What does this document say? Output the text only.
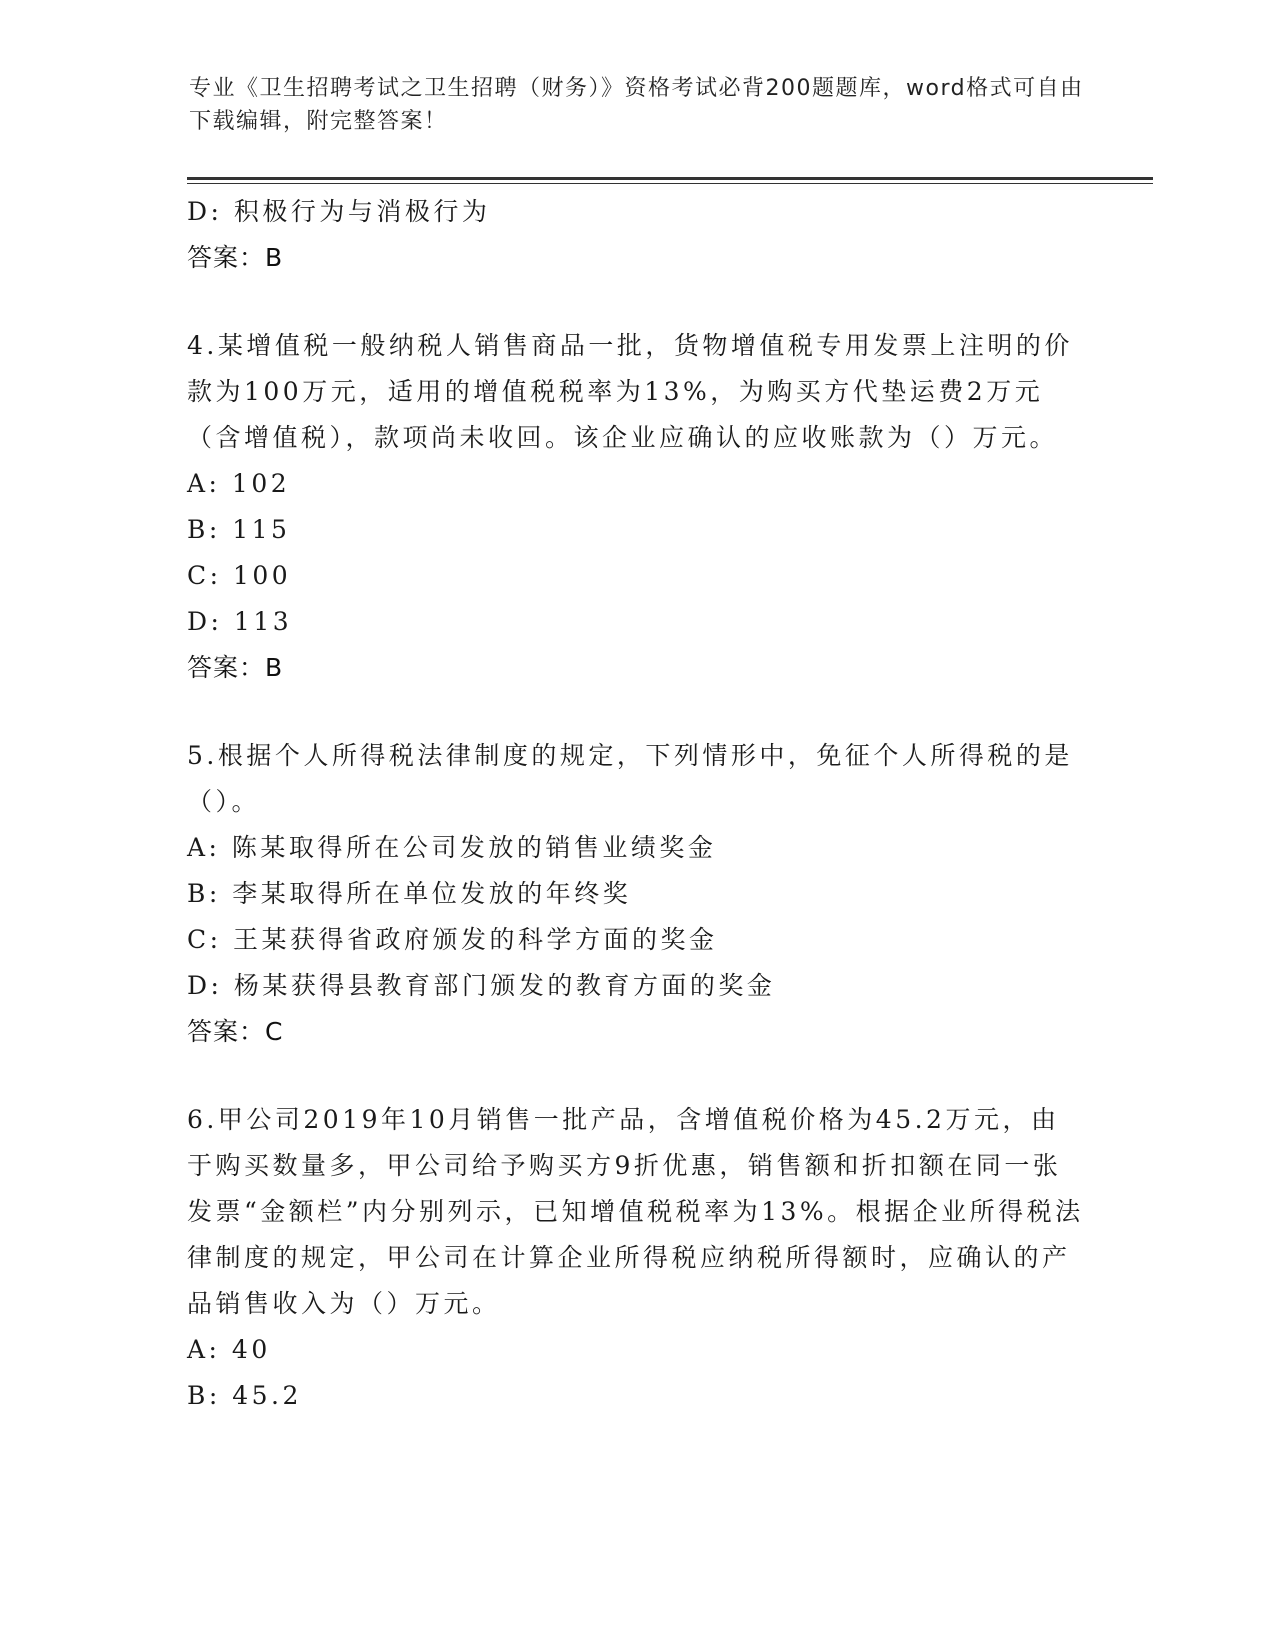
专业《卫生招聘考试之卫生招聘（财务）》资格考试必背200题题库，word格式可自由下载编辑，附完整答案！
D: 积极行为与消极行为
答案：B
4.某增值税一般纳税人销售商品一批，货物增值税专用发票上注明的价款为100万元，适用的增值税税率为13%，为购买方代垫运费2万元（含增值税），款项尚未收回。该企业应确认的应收账款为（）万元。
A: 102
B: 115
C: 100
D: 113
答案：B
5.根据个人所得税法律制度的规定，下列情形中，免征个人所得税的是（）。
A: 陈某取得所在公司发放的销售业绩奖金
B: 李某取得所在单位发放的年终奖
C: 王某获得省政府颁发的科学方面的奖金
D: 杨某获得县教育部门颁发的教育方面的奖金
答案：C
6.甲公司2019年10月销售一批产品，含增值税价格为45.2万元，由于购买数量多，甲公司给予购买方9折优惠，销售额和折扣额在同一张发票“金额栏”内分别列示，已知增值税税率为13%。根据企业所得税法律制度的规定，甲公司在计算企业所得税应纳税所得额时，应确认的产品销售收入为（）万元。
A: 40
B: 45.2
